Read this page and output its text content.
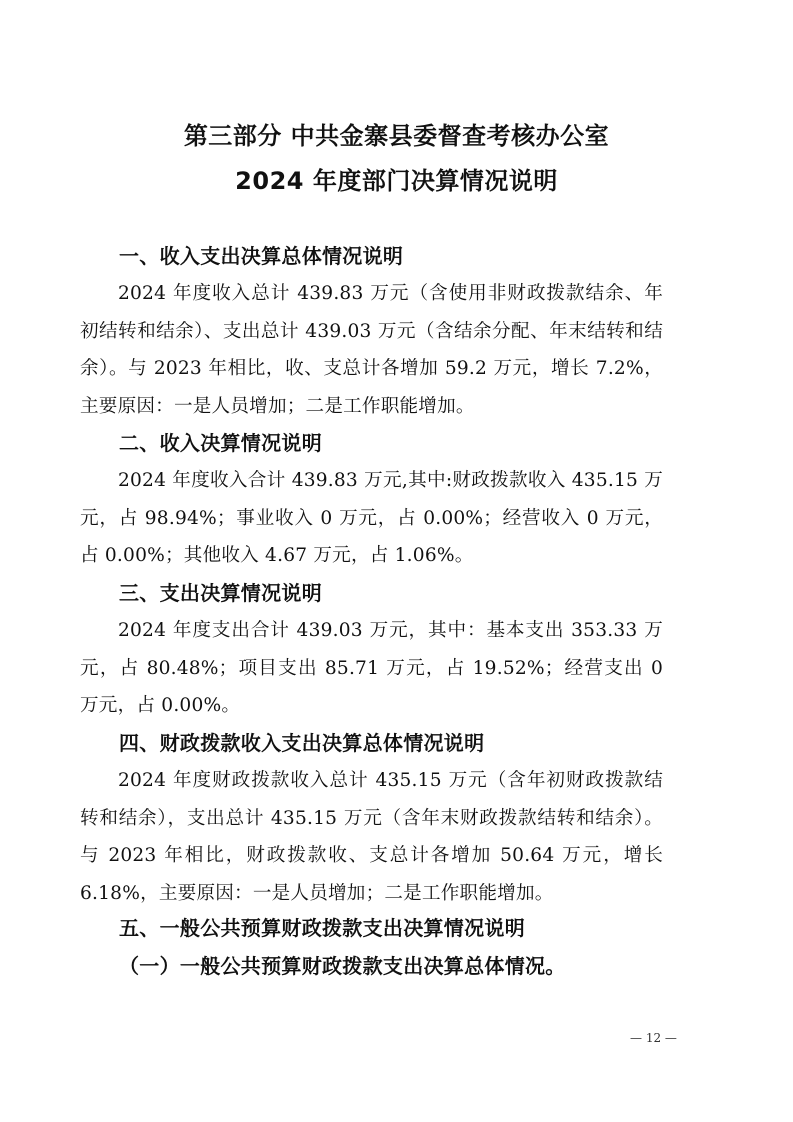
第三部分 中共金寨县委督查考核办公室
2024 年度部门决算情况说明
一、收入支出决算总体情况说明
2024 年度收入总计 439.83 万元（含使用非财政拨款结余、年初结转和结余）、支出总计 439.03 万元（含结余分配、年末结转和结余）。与 2023 年相比，收、支总计各增加 59.2 万元，增长 7.2%，主要原因：一是人员增加；二是工作职能增加。
二、收入决算情况说明
2024 年度收入合计 439.83 万元,其中:财政拨款收入 435.15 万元，占 98.94%；事业收入 0 万元，占 0.00%；经营收入 0 万元，占 0.00%；其他收入 4.67 万元，占 1.06%。
三、支出决算情况说明
2024 年度支出合计 439.03 万元，其中：基本支出 353.33 万元，占 80.48%；项目支出 85.71 万元，占 19.52%；经营支出 0 万元，占 0.00%。
四、财政拨款收入支出决算总体情况说明
2024 年度财政拨款收入总计 435.15 万元（含年初财政拨款结转和结余），支出总计 435.15 万元（含年末财政拨款结转和结余）。与 2023 年相比，财政拨款收、支总计各增加 50.64 万元，增长 6.18%，主要原因：一是人员增加；二是工作职能增加。
五、一般公共预算财政拨款支出决算情况说明
（一）一般公共预算财政拨款支出决算总体情况。
— 12 —
